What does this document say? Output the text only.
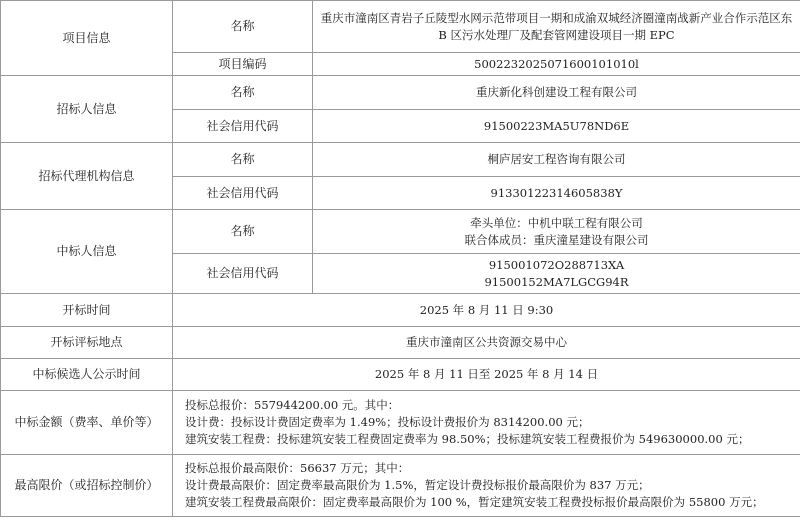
项目信息	名称	重庆市潼南区青岩子丘陵型水网示范带项目一期和成渝双城经济圈潼南战新产业合作示范区东 B 区污水处理厂及配套管网建设项目一期 EPC
	项目编码	5002232025071600101010l
招标人信息	名称	重庆新化科创建设工程有限公司
	社会信用代码	91500223MA5U78ND6E
招标代理机构信息	名称	桐庐居安工程咨询有限公司
	社会信用代码	91330122314605838Y
中标人信息	名称	牵头单位：中机中联工程有限公司
联合体成员：重庆潼星建设有限公司

	社会信用代码	915001072O288713XA
91500152MA7LGCG94R

开标时间	2025 年 8 月 11 日 9:30	
开标评标地点	重庆市潼南区公共资源交易中心	
中标候选人公示时间	2025 年 8 月 11 日至 2025 年 8 月 14 日	
中标金额（费率、单价等）	投标总报价：557944200.00 元。其中：
设计费：投标设计费固定费率为 1.49%；投标设计费报价为 8314200.00 元；
建筑安装工程费：投标建筑安装工程费固定费率为 98.50%；投标建筑安装工程费报价为 549630000.00 元；	

最高限价（或招标控制价）	投标总报价最高限价：56637 万元；其中：
设计费最高限价：固定费率最高限价为 1.5%，暂定设计费投标报价最高限价为 837 万元；
建筑安装工程费最高限价：固定费率最高限价为 100 %，暂定建筑安装工程费投标报价最高限价为 55800 万元；	
